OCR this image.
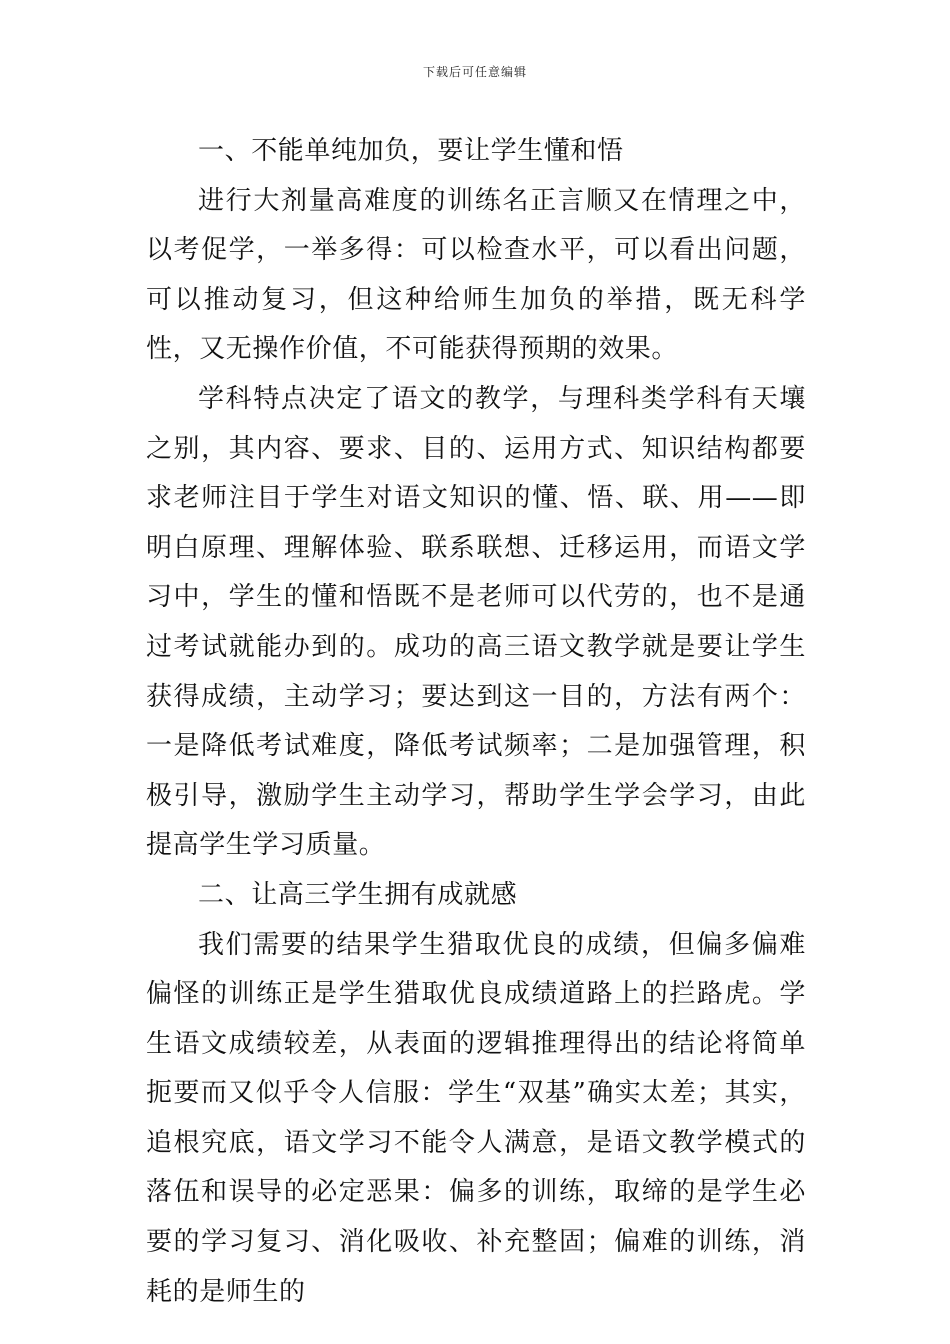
下载后可任意编辑

一、不能单纯加负，要让学生懂和悟

进行大剂量高难度的训练名正言顺又在情理之中，以考促学，一举多得：可以检查水平，可以看出问题，可以推动复习，但这种给师生加负的举措，既无科学性，又无操作价值，不可能获得预期的效果。

学科特点决定了语文的教学，与理科类学科有天壤之别，其内容、要求、目的、运用方式、知识结构都要求老师注目于学生对语文知识的懂、悟、联、用——即明白原理、理解体验、联系联想、迁移运用，而语文学习中，学生的懂和悟既不是老师可以代劳的，也不是通过考试就能办到的。成功的高三语文教学就是要让学生获得成绩，主动学习；要达到这一目的，方法有两个：一是降低考试难度，降低考试频率；二是加强管理，积极引导，激励学生主动学习，帮助学生学会学习，由此提高学生学习质量。

二、让高三学生拥有成就感

我们需要的结果学生猎取优良的成绩，但偏多偏难偏怪的训练正是学生猎取优良成绩道路上的拦路虎。学生语文成绩较差，从表面的逻辑推理得出的结论将简单扼要而又似乎令人信服：学生“双基”确实太差；其实，追根究底，语文学习不能令人满意，是语文教学模式的落伍和误导的必定恶果：偏多的训练，取缔的是学生必要的学习复习、消化吸收、补充整固；偏难的训练，消耗的是师生的
